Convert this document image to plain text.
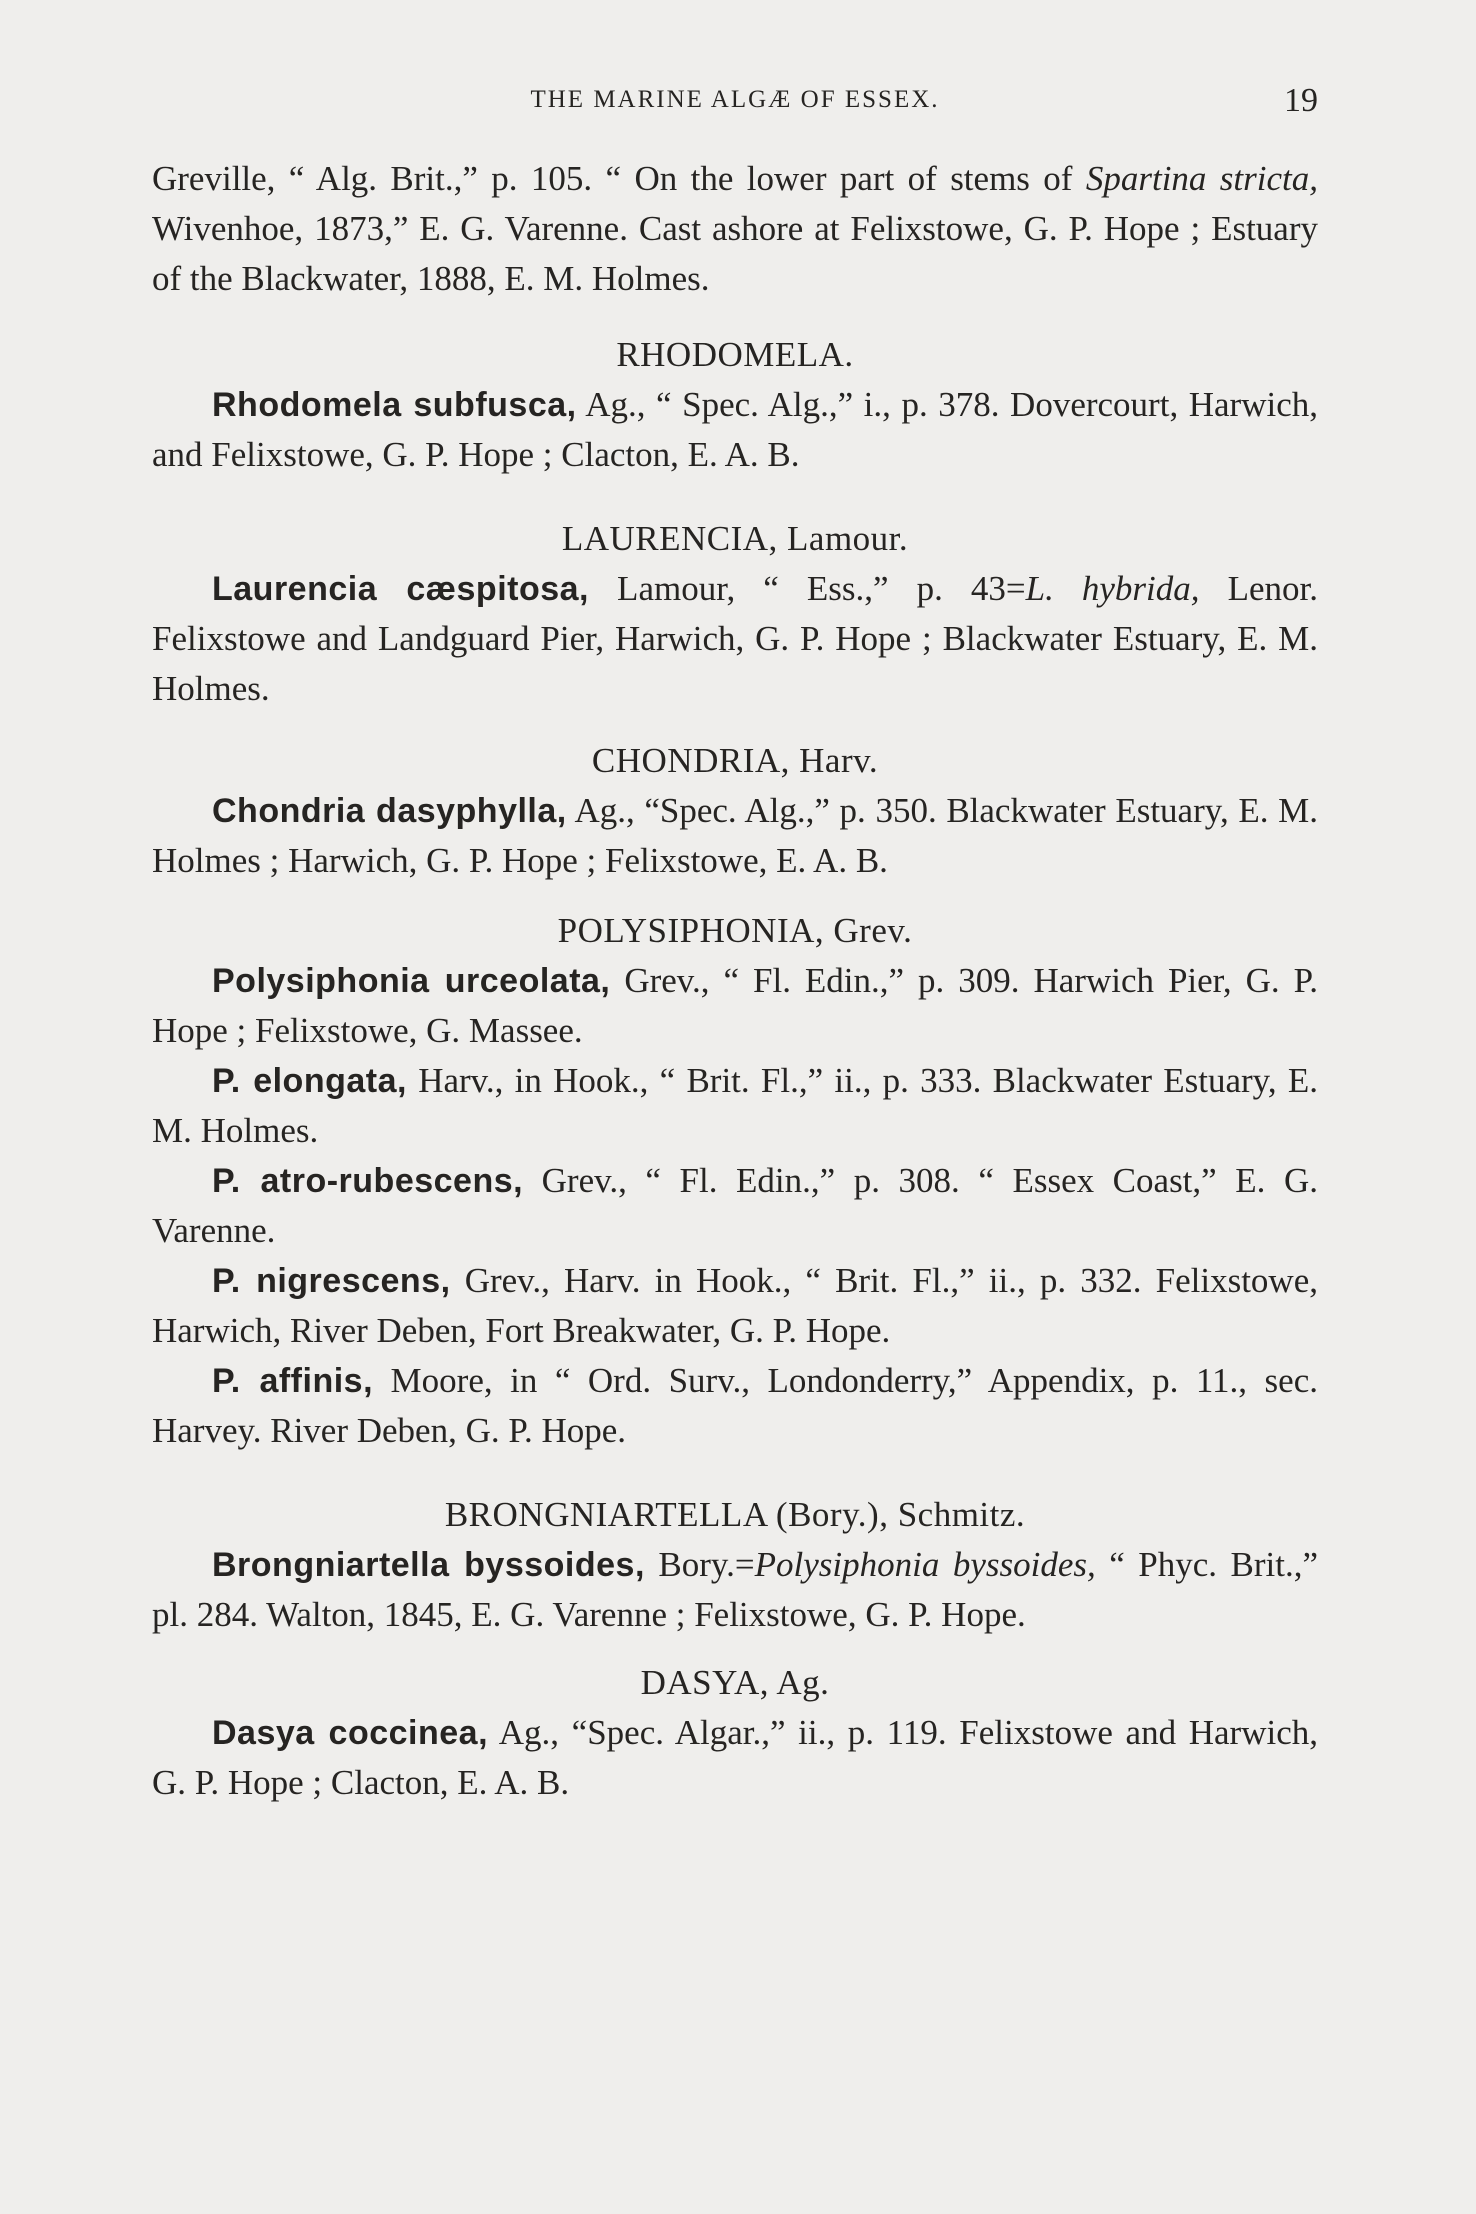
THE MARINE ALGÆ OF ESSEX.	19

Greville, “ Alg. Brit.,” p. 105. “ On the lower part of stems of Spartina stricta, Wivenhoe, 1873,” E. G. Varenne. Cast ashore at Felixstowe, G. P. Hope ; Estuary of the Blackwater, 1888, E. M. Holmes.

RHODOMELA.

Rhodomela subfusca, Ag., “ Spec. Alg.,” i., p. 378. Dovercourt, Harwich, and Felixstowe, G. P. Hope ; Clacton, E. A. B.

LAURENCIA, Lamour.

Laurencia cæspitosa, Lamour, “ Ess.,” p. 43=L. hybrida, Lenor. Felixstowe and Landguard Pier, Harwich, G. P. Hope ; Blackwater Estuary, E. M. Holmes.

CHONDRIA, Harv.

Chondria dasyphylla, Ag., “Spec. Alg.,” p. 350. Blackwater Estuary, E. M. Holmes ; Harwich, G. P. Hope ; Felixstowe, E. A. B.

POLYSIPHONIA, Grev.

Polysiphonia urceolata, Grev., “ Fl. Edin.,” p. 309. Harwich Pier, G. P. Hope ; Felixstowe, G. Massee.

P. elongata, Harv., in Hook., “ Brit. Fl.,” ii., p. 333. Blackwater Estuary, E. M. Holmes.

P. atro-rubescens, Grev., “ Fl. Edin.,” p. 308. “ Essex Coast,” E. G. Varenne.

P. nigrescens, Grev., Harv. in Hook., “ Brit. Fl.,” ii., p. 332. Felixstowe, Harwich, River Deben, Fort Breakwater, G. P. Hope.

P. affinis, Moore, in “ Ord. Surv., Londonderry,” Appendix, p. 11., sec. Harvey. River Deben, G. P. Hope.

BRONGNIARTELLA (Bory.), Schmitz.

Brongniartella byssoides, Bory.=Polysiphonia byssoides, “ Phyc. Brit.,” pl. 284. Walton, 1845, E. G. Varenne ; Felixstowe, G. P. Hope.

DASYA, Ag.

Dasya coccinea, Ag., “Spec. Algar.,” ii., p. 119. Felixstowe and Harwich, G. P. Hope ; Clacton, E. A. B.
